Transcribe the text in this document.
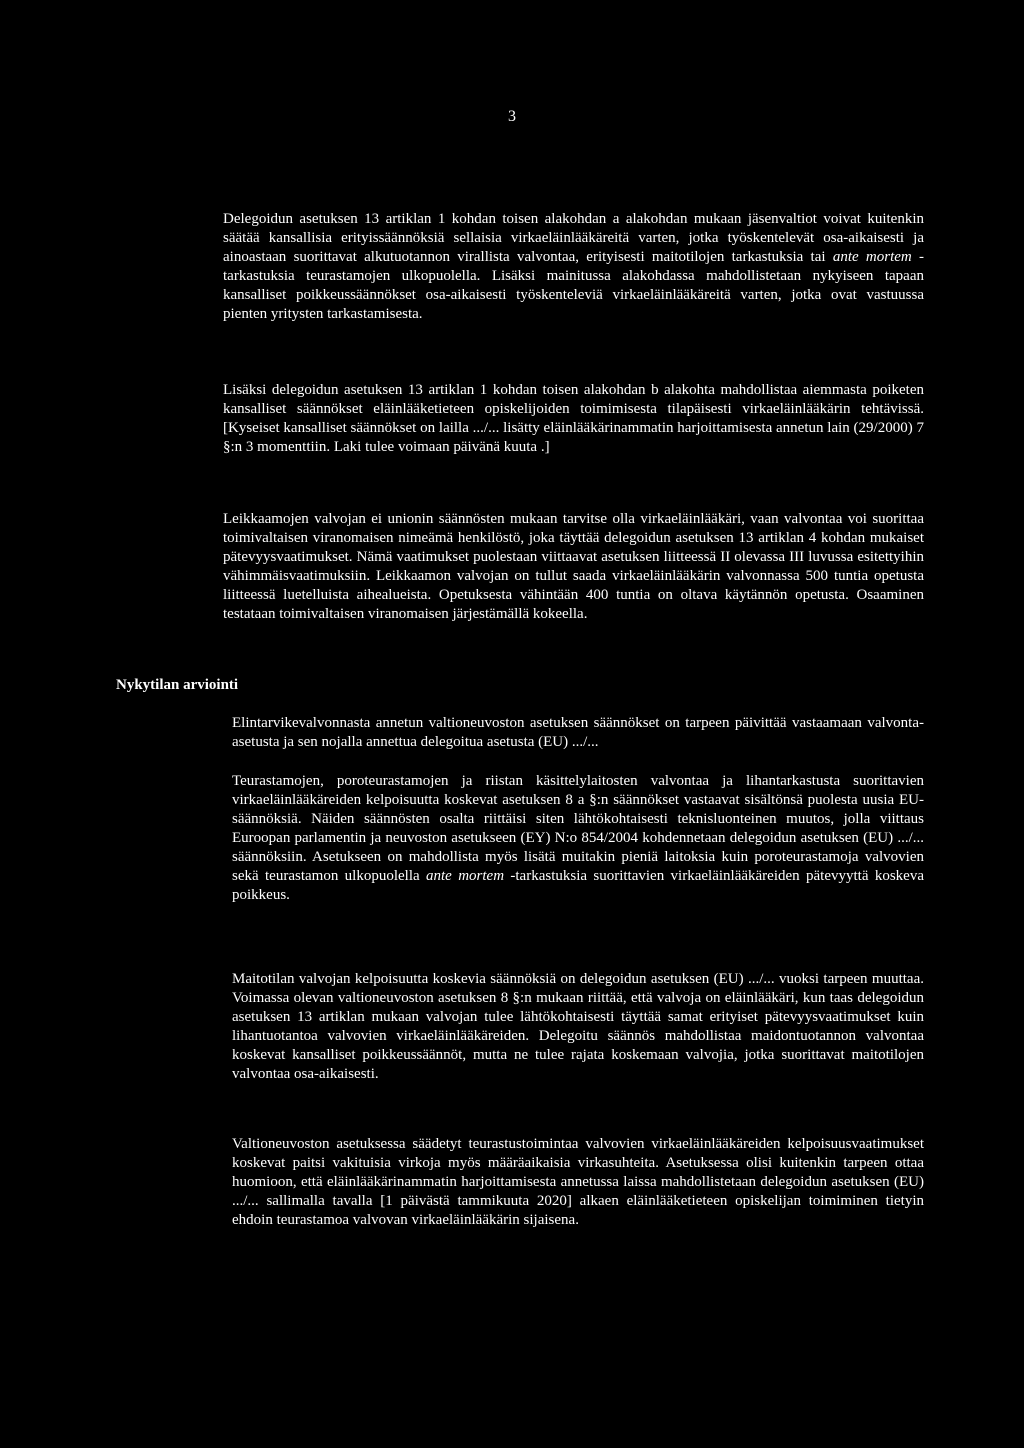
3

Delegoidun asetuksen 13 artiklan 1 kohdan toisen alakohdan a alakohdan mukaan jäsenvaltiot voivat kuitenkin säätää kansallisia erityissäännöksiä sellaisia virkaeläinlääkäreitä varten, jotka työskentelevät osa-aikaisesti ja ainoastaan suorittavat alkutuotannon virallista valvontaa, erityisesti maitotilojen tarkastuksia tai ante mortem -tarkastuksia teurastamojen ulkopuolella. Lisäksi mainitussa alakohdassa mahdollistetaan nykyiseen tapaan kansalliset poikkeussäännökset osa-aikaisesti työskenteleviä virkaeläinlääkäreitä varten, jotka ovat vastuussa pienten yritysten tarkastamisesta.

Lisäksi delegoidun asetuksen 13 artiklan 1 kohdan toisen alakohdan b alakohta mahdollistaa aiemmasta poiketen kansalliset säännökset eläinlääketieteen opiskelijoiden toimimisesta tilapäisesti virkaeläinlääkärin tehtävissä. [Kyseiset kansalliset säännökset on lailla .../... lisätty eläinlääkärinammatin harjoittamisesta annetun lain (29/2000) 7 §:n 3 momenttiin. Laki tulee voimaan päivänä kuuta .]

Leikkaamojen valvojan ei unionin säännösten mukaan tarvitse olla virkaeläinlääkäri, vaan valvontaa voi suorittaa toimivaltaisen viranomaisen nimeämä henkilöstö, joka täyttää delegoidun asetuksen 13 artiklan 4 kohdan mukaiset pätevyysvaatimukset. Nämä vaatimukset puolestaan viittaavat asetuksen liitteessä II olevassa III luvussa esitettyihin vähimmäisvaatimuksiin. Leikkaamon valvojan on tullut saada virkaeläinlääkärin valvonnassa 500 tuntia opetusta liitteessä luetelluista aihealueista. Opetuksesta vähintään 400 tuntia on oltava käytännön opetusta. Osaaminen testataan toimivaltaisen viranomaisen järjestämällä kokeella.

Nykytilan arviointi

Elintarvikevalvonnasta annetun valtioneuvoston asetuksen säännökset on tarpeen päivittää vastaamaan valvonta-asetusta ja sen nojalla annettua delegoitua asetusta (EU) .../...

Teurastamojen, poroteurastamojen ja riistan käsittelylaitosten valvontaa ja lihantarkastusta suorittavien virkaeläinlääkäreiden kelpoisuutta koskevat asetuksen 8 a §:n säännökset vastaavat sisältönsä puolesta uusia EU-säännöksiä. Näiden säännösten osalta riittäisi siten lähtökohtaisesti teknisluonteinen muutos, jolla viittaus Euroopan parlamentin ja neuvoston asetukseen (EY) N:o 854/2004 kohdennetaan delegoidun asetuksen (EU) .../... säännöksiin. Asetukseen on mahdollista myös lisätä muitakin pieniä laitoksia kuin poroteurastamoja valvovien sekä teurastamon ulkopuolella ante mortem -tarkastuksia suorittavien virkaeläinlääkäreiden pätevyyttä koskeva poikkeus.

Maitotilan valvojan kelpoisuutta koskevia säännöksiä on delegoidun asetuksen (EU) .../... vuoksi tarpeen muuttaa. Voimassa olevan valtioneuvoston asetuksen 8 §:n mukaan riittää, että valvoja on eläinlääkäri, kun taas delegoidun asetuksen 13 artiklan mukaan valvojan tulee lähtökohtaisesti täyttää samat erityiset pätevyysvaatimukset kuin lihantuotantoa valvovien virkaeläinlääkäreiden. Delegoitu säännös mahdollistaa maidontuotannon valvontaa koskevat kansalliset poikkeussäännöt, mutta ne tulee rajata koskemaan valvojia, jotka suorittavat maitotilojen valvontaa osa-aikaisesti.

Valtioneuvoston asetuksessa säädetyt teurastustoimintaa valvovien virkaeläinlääkäreiden kelpoisuusvaatimukset koskevat paitsi vakituisia virkoja myös määräaikaisia virkasuhteita. Asetuksessa olisi kuitenkin tarpeen ottaa huomioon, että eläinlääkärinammatin harjoittamisesta annetussa laissa mahdollistetaan delegoidun asetuksen (EU) .../... sallimalla tavalla [1 päivästä tammikuuta 2020] alkaen eläinlääketieteen opiskelijan toimiminen tietyin ehdoin teurastamoa valvovan virkaeläinlääkärin sijaisena.
